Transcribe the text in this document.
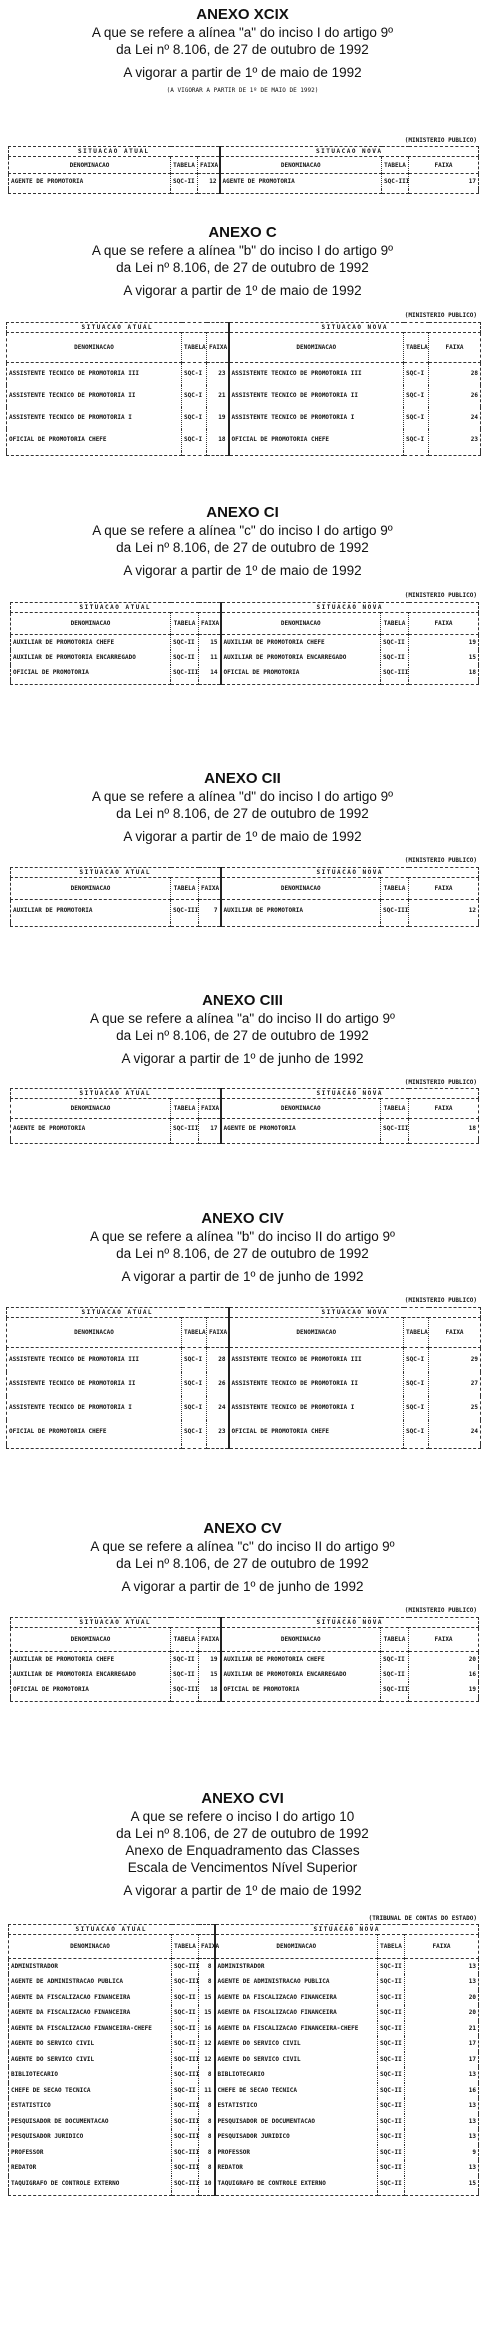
ANEXO XCIX
A que se refere a alínea "a" do inciso I do artigo 9º
da Lei nº 8.106, de 27 de outubro de 1992
A vigorar a partir de 1º de maio de 1992
(A VIGORAR A PARTIR DE 1º DE MAIO DE 1992)
(MINISTERIO PUBLICO)
SITUACAO ATUAL			SITUACAO NOVA		
DENOMINACAO	TABELA	FAIXA	DENOMINACAO	TABELA	FAIXA
AGENTE DE PROMOTORIA	SQC-II	12	AGENTE DE PROMOTORIA	SQC-III	17

ANEXO C
A que se refere a alínea "b" do inciso I do artigo 9º
da Lei nº 8.106, de 27 de outubro de 1992
A vigorar a partir de 1º de maio de 1992
(MINISTERIO PUBLICO)
SITUACAO ATUAL			SITUACAO NOVA		
DENOMINACAO	TABELA	FAIXA	DENOMINACAO	TABELA	FAIXA
ASSISTENTE TECNICO DE PROMOTORIA III	SQC-I	23	ASSISTENTE TECNICO DE PROMOTORIA III	SQC-I	28
ASSISTENTE TECNICO DE PROMOTORIA II	SQC-I	21	ASSISTENTE TECNICO DE PROMOTORIA II	SQC-I	26
ASSISTENTE TECNICO DE PROMOTORIA I	SQC-I	19	ASSISTENTE TECNICO DE PROMOTORIA I	SQC-I	24
OFICIAL DE PROMOTORIA CHEFE	SQC-I	18	OFICIAL DE PROMOTORIA CHEFE	SQC-I	23

ANEXO CI
A que se refere a alínea "c" do inciso I do artigo 9º
da Lei nº 8.106, de 27 de outubro de 1992
A vigorar a partir de 1º de maio de 1992
(MINISTERIO PUBLICO)
SITUACAO ATUAL			SITUACAO NOVA		
DENOMINACAO	TABELA	FAIXA	DENOMINACAO	TABELA	FAIXA
AUXILIAR DE PROMOTORIA CHEFE	SQC-II	15	AUXILIAR DE PROMOTORIA CHEFE	SQC-II	19
AUXILIAR DE PROMOTORIA ENCARREGADO	SQC-II	11	AUXILIAR DE PROMOTORIA ENCARREGADO	SQC-II	15
OFICIAL DE PROMOTORIA	SQC-III	14	OFICIAL DE PROMOTORIA	SQC-III	18

ANEXO CII
A que se refere a alínea "d" do inciso I do artigo 9º
da Lei nº 8.106, de 27 de outubro de 1992
A vigorar a partir de 1º de maio de 1992
(MINISTERIO PUBLICO)
SITUACAO ATUAL			SITUACAO NOVA		
DENOMINACAO	TABELA	FAIXA	DENOMINACAO	TABELA	FAIXA
AUXILIAR DE PROMOTORIA	SQC-III	7	AUXILIAR DE PROMOTORIA	SQC-III	12

ANEXO CIII
A que se refere a alínea "a" do inciso II do artigo 9º
da Lei nº 8.106, de 27 de outubro de 1992
A vigorar a partir de 1º de junho de 1992
(MINISTERIO PUBLICO)
SITUACAO ATUAL			SITUACAO NOVA		
DENOMINACAO	TABELA	FAIXA	DENOMINACAO	TABELA	FAIXA
AGENTE DE PROMOTORIA	SQC-III	17	AGENTE DE PROMOTORIA	SQC-III	18

ANEXO CIV
A que se refere a alínea "b" do inciso II do artigo 9º
da Lei nº 8.106, de 27 de outubro de 1992
A vigorar a partir de 1º de junho de 1992
(MINISTERIO PUBLICO)
SITUACAO ATUAL			SITUACAO NOVA		
DENOMINACAO	TABELA	FAIXA	DENOMINACAO	TABELA	FAIXA
ASSISTENTE TECNICO DE PROMOTORIA III	SQC-I	28	ASSISTENTE TECNICO DE PROMOTORIA III	SQC-I	29
ASSISTENTE TECNICO DE PROMOTORIA II	SQC-I	26	ASSISTENTE TECNICO DE PROMOTORIA II	SQC-I	27
ASSISTENTE TECNICO DE PROMOTORIA I	SQC-I	24	ASSISTENTE TECNICO DE PROMOTORIA I	SQC-I	25
OFICIAL DE PROMOTORIA CHEFE	SQC-I	23	OFICIAL DE PROMOTORIA CHEFE	SQC-I	24

ANEXO CV
A que se refere a alínea "c" do inciso II do artigo 9º
da Lei nº 8.106, de 27 de outubro de 1992
A vigorar a partir de 1º de junho de 1992
(MINISTERIO PUBLICO)
SITUACAO ATUAL			SITUACAO NOVA		
DENOMINACAO	TABELA	FAIXA	DENOMINACAO	TABELA	FAIXA
AUXILIAR DE PROMOTORIA CHEFE	SQC-II	19	AUXILIAR DE PROMOTORIA CHEFE	SQC-II	20
AUXILIAR DE PROMOTORIA ENCARREGADO	SQC-II	15	AUXILIAR DE PROMOTORIA ENCARREGADO	SQC-II	16
OFICIAL DE PROMOTORIA	SQC-III	18	OFICIAL DE PROMOTORIA	SQC-III	19

ANEXO CVI
A que se refere o inciso I do artigo 10
da Lei nº 8.106, de 27 de outubro de 1992
Anexo de Enquadramento das Classes
Escala de Vencimentos Nível Superior
A vigorar a partir de 1º de maio de 1992
(TRIBUNAL DE CONTAS DO ESTADO)
SITUACAO ATUAL			SITUACAO NOVA		
DENOMINACAO	TABELA	FAIXA	DENOMINACAO	TABELA	FAIXA
ADMINISTRADOR	SQC-III	8	ADMINISTRADOR	SQC-II	13
AGENTE DE ADMINISTRACAO PUBLICA	SQC-III	8	AGENTE DE ADMINISTRACAO PUBLICA	SQC-II	13
AGENTE DA FISCALIZACAO FINANCEIRA	SQC-II	15	AGENTE DA FISCALIZACAO FINANCEIRA	SQC-II	20
AGENTE DA FISCALIZACAO FINANCEIRA	SQC-II	15	AGENTE DA FISCALIZACAO FINANCEIRA	SQC-II	20
AGENTE DA FISCALIZACAO FINANCEIRA-CHEFE	SQC-II	16	AGENTE DA FISCALIZACAO FINANCEIRA-CHEFE	SQC-II	21
AGENTE DO SERVICO CIVIL	SQC-II	12	AGENTE DO SERVICO CIVIL	SQC-II	17
AGENTE DO SERVICO CIVIL	SQC-III	12	AGENTE DO SERVICO CIVIL	SQC-II	17
BIBLIOTECARIO	SQC-III	8	BIBLIOTECARIO	SQC-II	13
CHEFE DE SECAO TECNICA	SQC-II	11	CHEFE DE SECAO TECNICA	SQC-II	16
ESTATISTICO	SQC-III	8	ESTATISTICO	SQC-II	13
PESQUISADOR DE DOCUMENTACAO	SQC-III	8	PESQUISADOR DE DOCUMENTACAO	SQC-II	13
PESQUISADOR JURIDICO	SQC-III	8	PESQUISADOR JURIDICO	SQC-II	13
PROFESSOR	SQC-III	8	PROFESSOR	SQC-II	9
REDATOR	SQC-III	8	REDATOR	SQC-II	13
TAQUIGRAFO DE CONTROLE EXTERNO	SQC-III	10	TAQUIGRAFO DE CONTROLE EXTERNO	SQC-II	15
